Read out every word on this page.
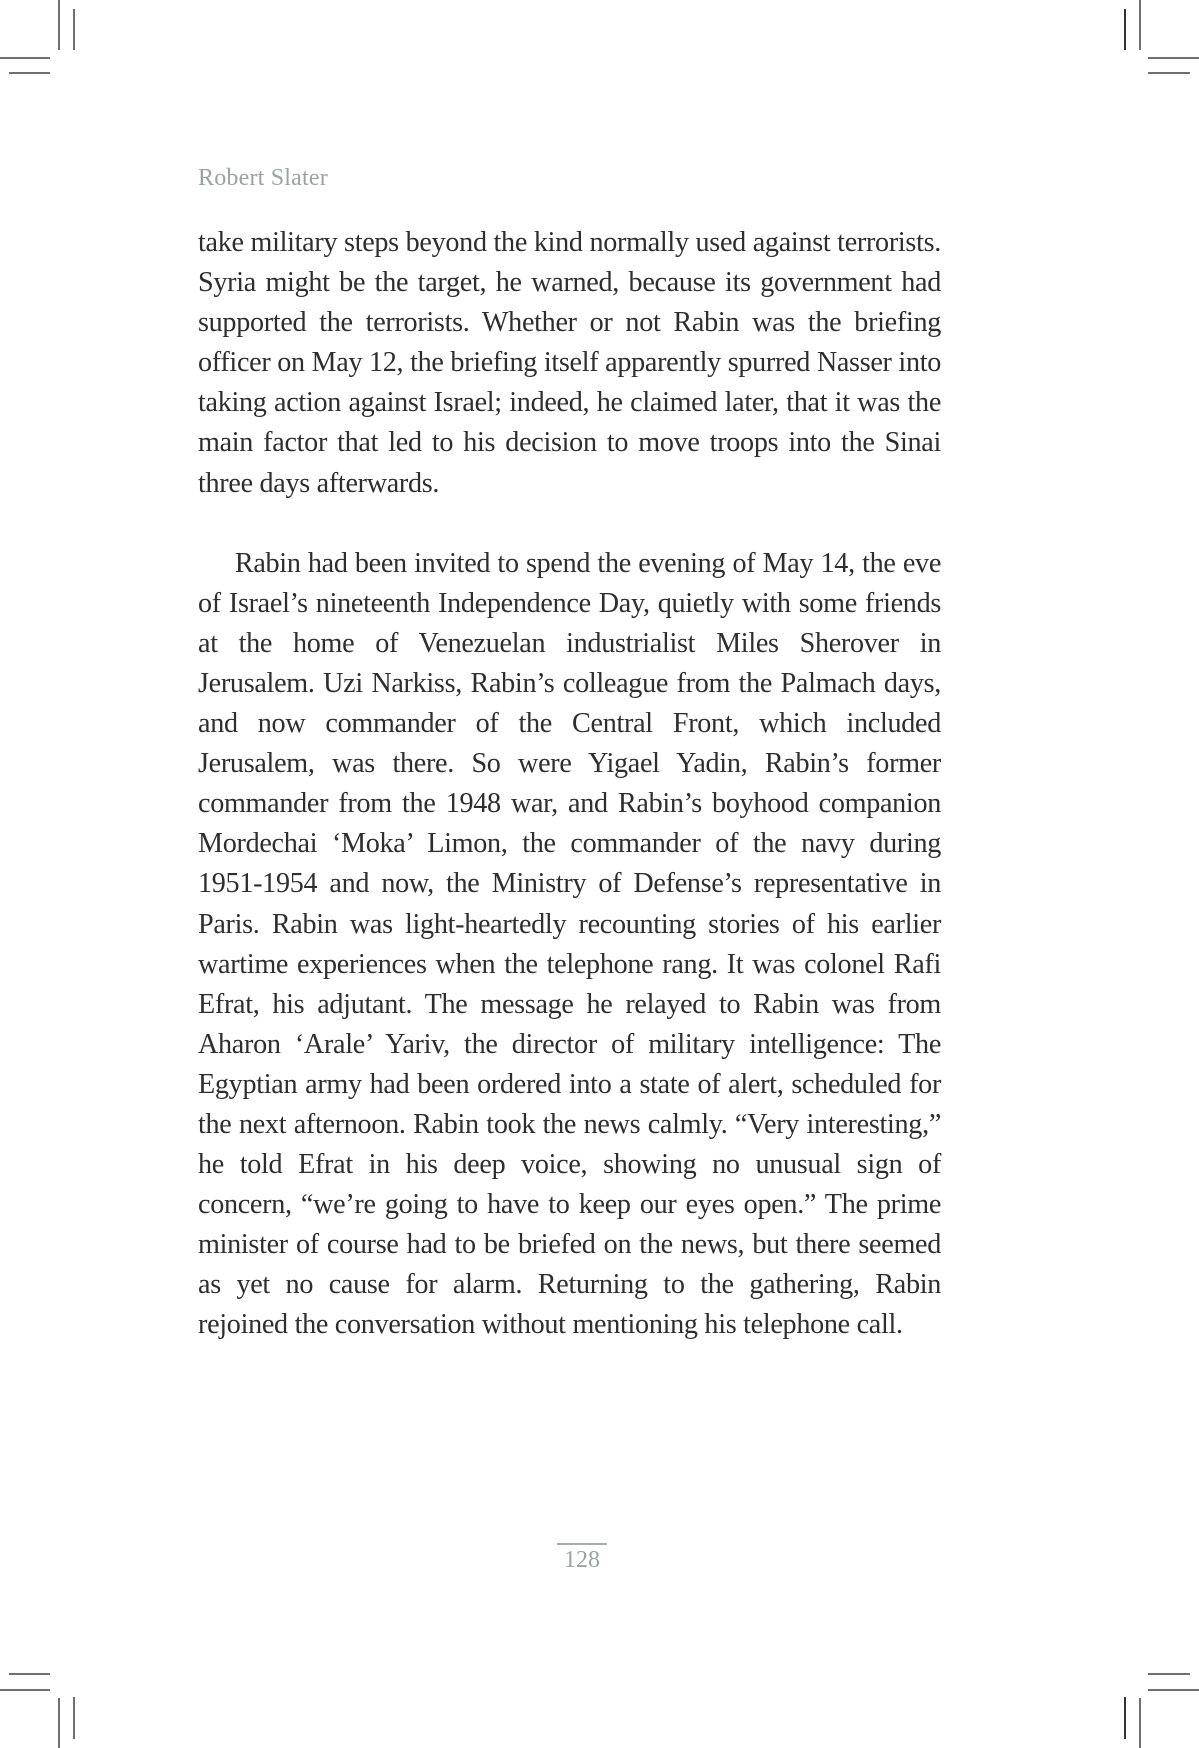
Robert Slater

take military steps beyond the kind normally used against terrorists. Syria might be the target, he warned, because its government had supported the terrorists. Whether or not Rabin was the briefing officer on May 12, the briefing itself apparently spurred Nasser into taking action against Israel; indeed, he claimed later, that it was the main factor that led to his decision to move troops into the Sinai three days afterwards.

Rabin had been invited to spend the evening of May 14, the eve of Israel’s nineteenth Independence Day, quietly with some friends at the home of Venezuelan industrialist Miles Sherover in Jerusalem. Uzi Narkiss, Rabin’s colleague from the Palmach days, and now commander of the Central Front, which included Jerusalem, was there. So were Yigael Yadin, Rabin’s former commander from the 1948 war, and Rabin’s boyhood companion Mordechai ‘Moka’ Limon, the commander of the navy during 1951-1954 and now, the Ministry of Defense’s representative in Paris. Rabin was light-heartedly recounting stories of his earlier wartime experiences when the telephone rang. It was colonel Rafi Efrat, his adjutant. The message he relayed to Rabin was from Aharon ‘Arale’ Yariv, the director of military intelligence: The Egyptian army had been ordered into a state of alert, scheduled for the next afternoon. Rabin took the news calmly. “Very interesting,” he told Efrat in his deep voice, showing no unusual sign of concern, “we’re going to have to keep our eyes open.” The prime minister of course had to be briefed on the news, but there seemed as yet no cause for alarm. Returning to the gathering, Rabin rejoined the conversation without mentioning his telephone call.

128
